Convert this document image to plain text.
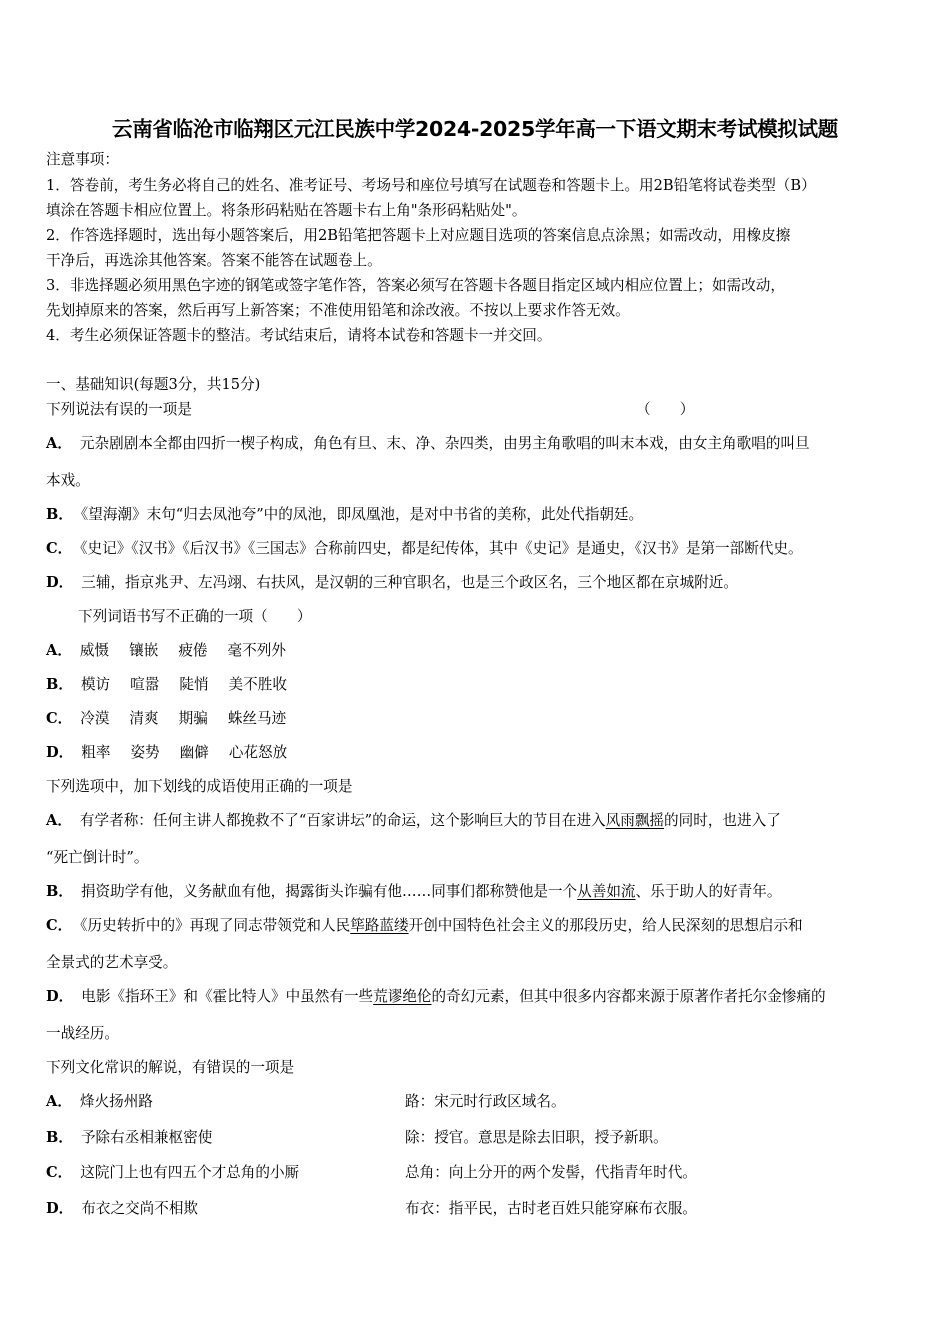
云南省临沧市临翔区元江民族中学2024-2025学年高一下语文期末考试模拟试题
注意事项：
1．答卷前，考生务必将自己的姓名、准考证号、考场号和座位号填写在试题卷和答题卡上。用2B铅笔将试卷类型（B）
填涂在答题卡相应位置上。将条形码粘贴在答题卡右上角"条形码粘贴处"。
2．作答选择题时，选出每小题答案后，用2B铅笔把答题卡上对应题目选项的答案信息点涂黑；如需改动，用橡皮擦
干净后，再选涂其他答案。答案不能答在试题卷上。
3．非选择题必须用黑色字迹的钢笔或签字笔作答，答案必须写在答题卡各题目指定区域内相应位置上；如需改动，
先划掉原来的答案，然后再写上新答案；不准使用铅笔和涂改液。不按以上要求作答无效。
4．考生必须保证答题卡的整洁。考试结束后，请将本试卷和答题卡一并交回。
一、基础知识(每题3分，共15分)
下列说法有误的一项是	（　　）
A． 元杂剧剧本全都由四折一楔子构成，角色有旦、末、净、杂四类，由男主角歌唱的叫末本戏，由女主角歌唱的叫旦
本戏。
B． 《望海潮》末句“归去凤池夸”中的凤池，即凤凰池，是对中书省的美称，此处代指朝廷。
C． 《史记》《汉书》《后汉书》《三国志》合称前四史，都是纪传体，其中《史记》是通史，《汉书》是第一部断代史。
D． 三辅，指京兆尹、左冯翊、右扶风，是汉朝的三种官职名，也是三个政区名，三个地区都在京城附近。
下列词语书写不正确的一项（　　）
A． 威慑 镶嵌 疲倦 毫不列外
B． 模访 喧嚣 陡悄 美不胜收
C． 冷漠 清爽 期骗 蛛丝马迹
D． 粗率 姿势 幽僻 心花怒放
下列选项中，加下划线的成语使用正确的一项是
A． 有学者称：任何主讲人都挽救不了“百家讲坛”的命运，这个影响巨大的节目在进入风雨飘摇的同时，也进入了
“死亡倒计时”。
B． 捐资助学有他，义务献血有他，揭露街头诈骗有他……同事们都称赞他是一个从善如流、乐于助人的好青年。
C． 《历史转折中的》再现了同志带领党和人民筚路蓝缕开创中国特色社会主义的那段历史，给人民深刻的思想启示和
全景式的艺术享受。
D． 电影《指环王》和《霍比特人》中虽然有一些荒谬绝伦的奇幻元素，但其中很多内容都来源于原著作者托尔金惨痛的
一战经历。
下列文化常识的解说，有错误的一项是
A． 烽火扬州路	路：宋元时行政区域名。
B． 予除右丞相兼枢密使	除：授官。意思是除去旧职，授予新职。
C． 这院门上也有四五个才总角的小厮	总角：向上分开的两个发髻，代指青年时代。
D． 布衣之交尚不相欺	布衣：指平民，古时老百姓只能穿麻布衣服。
